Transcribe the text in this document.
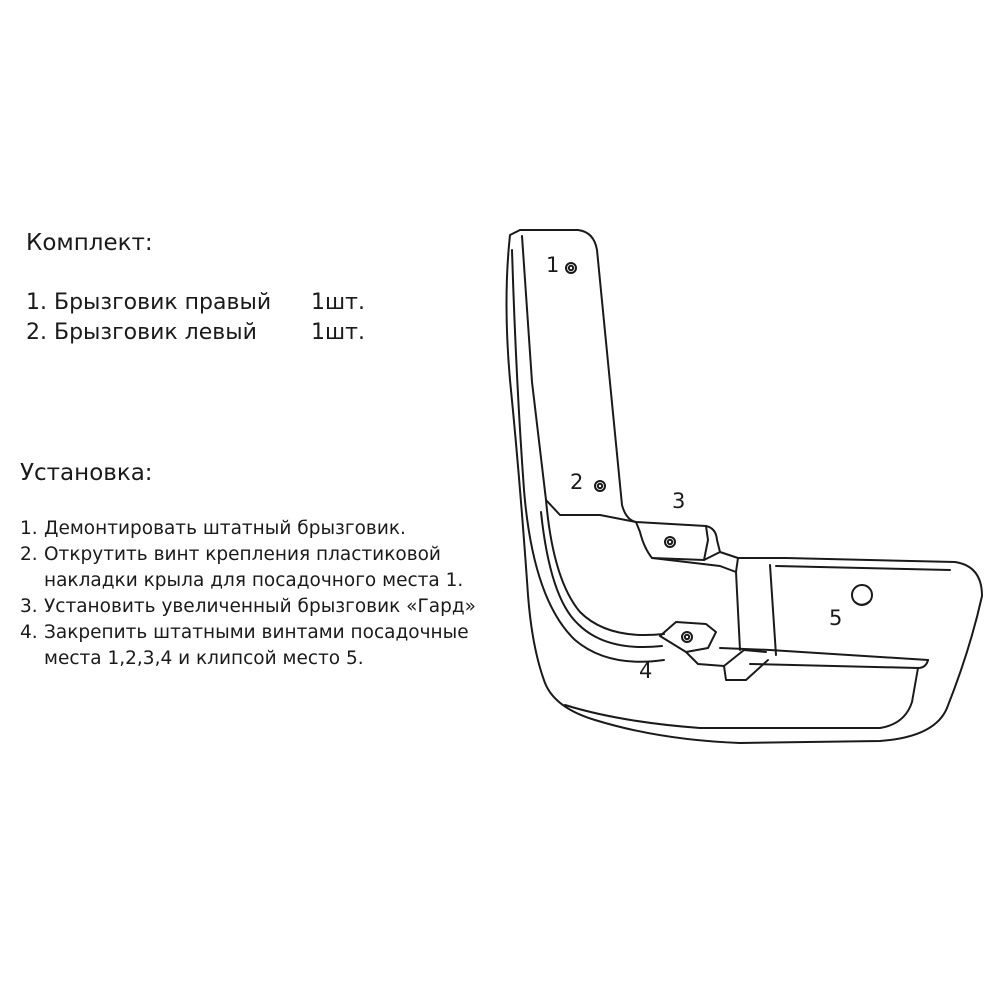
Комплект:
1. Брызговик правый 1шт.
2. Брызговик левый 1шт.
Установка:
1. Демонтировать штатный брызговик.
2. Открутить винт крепления пластиковой
накладки крыла для посадочного места 1.
3. Установить увеличенный брызговик «Гард»
4. Закрепить штатными винтами посадочные
места 1,2,3,4 и клипсой место 5.
1
2
3
4
5
